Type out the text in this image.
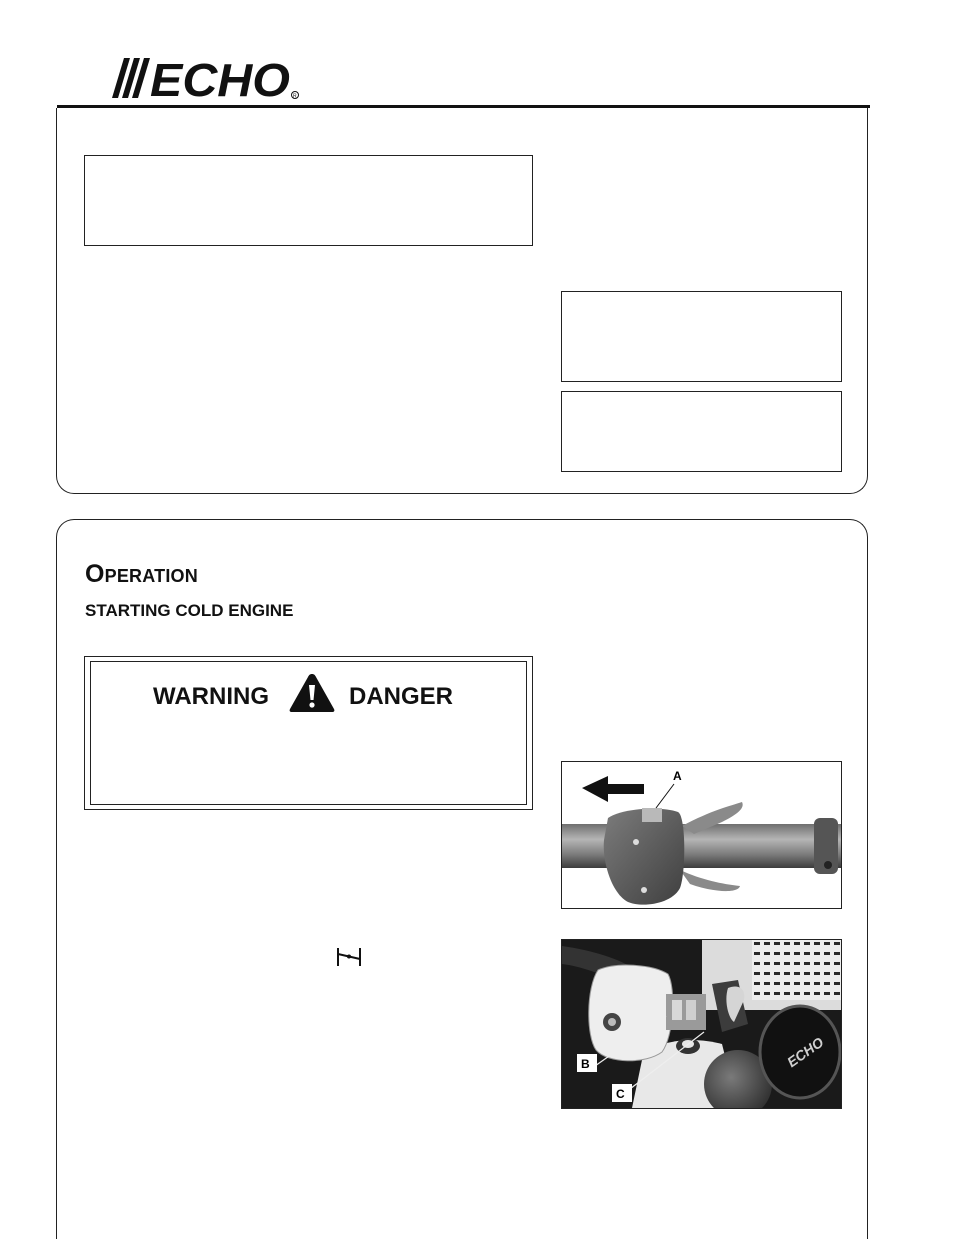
ECHO R
Operation
STARTING COLD ENGINE
WARNING	DANGER
A
ECHO
B
C
